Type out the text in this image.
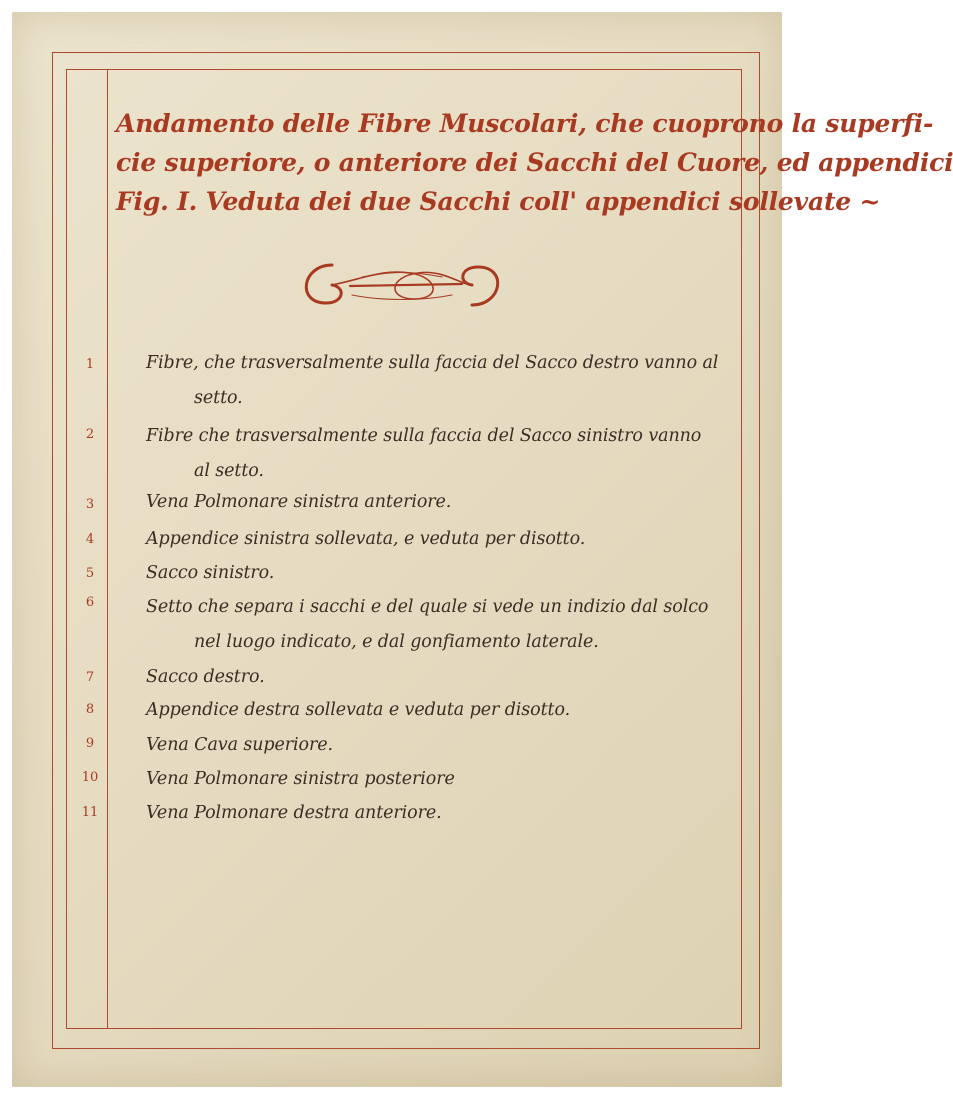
Andamento delle Fibre Muscolari, che cuoprono la superfi-
cie superiore, o anteriore dei Sacchi del Cuore, ed appendici
Fig. I. Veduta dei due Sacchi coll' appendici sollevate ~
1	Fibre, che trasversalmente sulla faccia del Sacco destro vanno al
setto.
2	Fibre che trasversalmente sulla faccia del Sacco sinistro vanno
al setto.
3	Vena Polmonare sinistra anteriore.
4	Appendice sinistra sollevata, e veduta per disotto.
5	Sacco sinistro.
6	Setto che separa i sacchi e del quale si vede un indizio dal solco
nel luogo indicato, e dal gonfiamento laterale.
7	Sacco destro.
8	Appendice destra sollevata e veduta per disotto.
9	Vena Cava superiore.
10	Vena Polmonare sinistra posteriore
11	Vena Polmonare destra anteriore.
